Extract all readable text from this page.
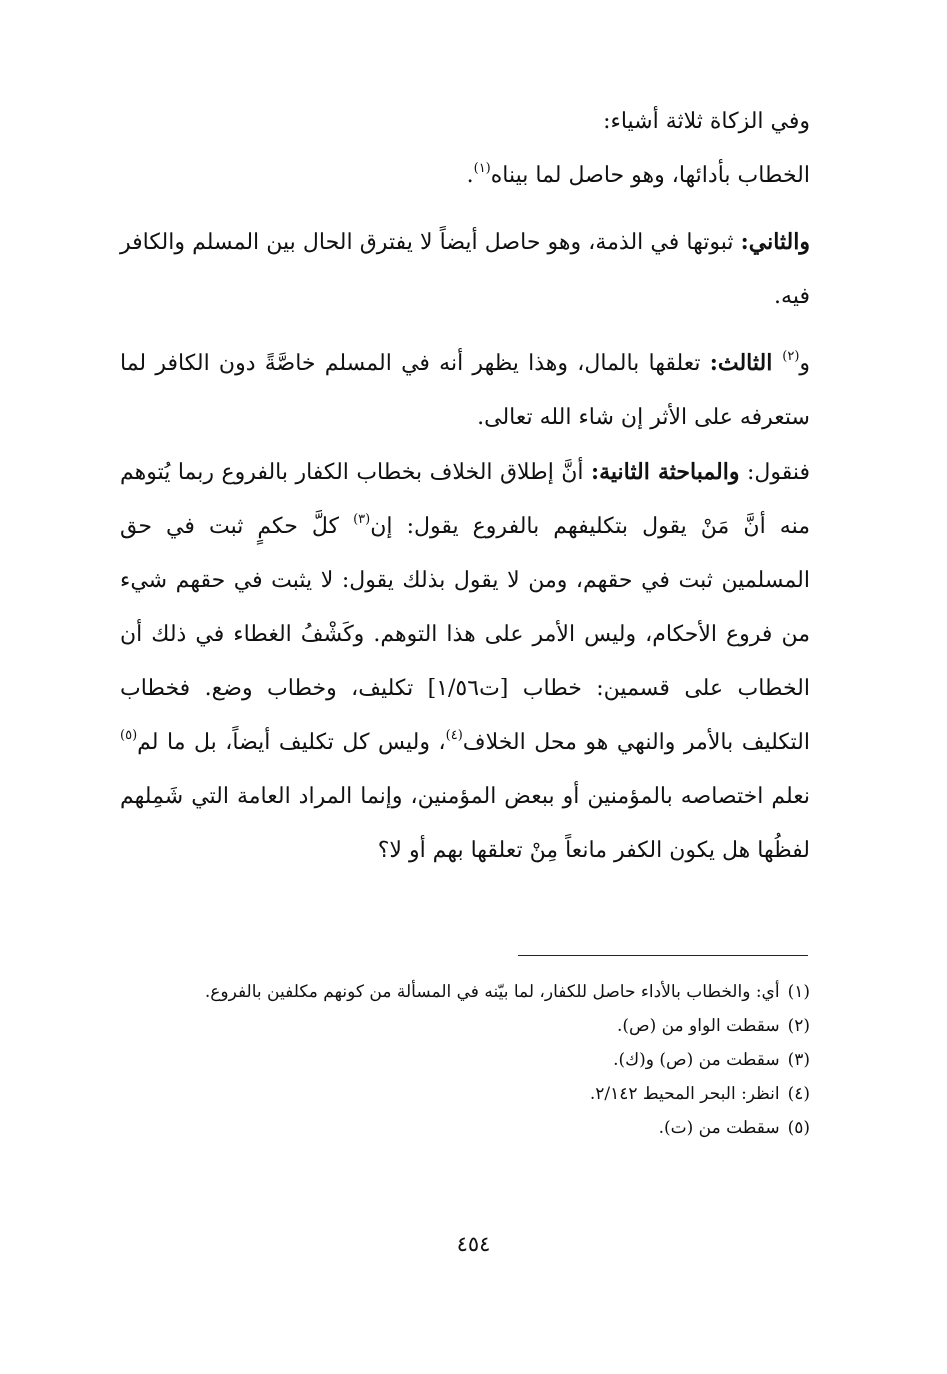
وفي الزكاة ثلاثة أشياء:

الخطاب بأدائها، وهو حاصل لما بيناه$^{(١)}$.

والثاني: ثبوتها في الذمة، وهو حاصل أيضاً لا يفترق الحال بين المسلم والكافر فيه.

و$^{(٢)}$ الثالث: تعلقها بالمال، وهذا يظهر أنه في المسلم خاصَّةً دون الكافر لما ستعرفه على الأثر إن شاء الله تعالى.

فنقول: والمباحثة الثانية: أنَّ إطلاق الخلاف بخطاب الكفار بالفروع ربما يُتوهم منه أنَّ مَنْ يقول بتكليفهم بالفروع يقول: إن$^{(٣)}$ كلَّ حكمٍ ثبت في حق المسلمين ثبت في حقهم، ومن لا يقول بذلك يقول: لا يثبت في حقهم شيء من فروع الأحكام، وليس الأمر على هذا التوهم. وكَشْفُ الغطاء في ذلك أن الخطاب على قسمين: خطاب [ت١/٥٦] تكليف، وخطاب وضع. فخطاب التكليف بالأمر والنهي هو محل الخلاف$^{(٤)}$، وليس كل تكليف أيضاً، بل ما لم$^{(٥)}$ نعلم اختصاصه بالمؤمنين أو ببعض المؤمنين، وإنما المراد العامة التي شَمِلهم لفظُها هل يكون الكفر مانعاً مِنْ تعلقها بهم أو لا؟

(١)أي: والخطاب بالأداء حاصل للكفار، لما بيّنه في المسألة من كونهم مكلفين بالفروع.

(٢)سقطت الواو من (ص).

(٣)سقطت من (ص) و(ك).

(٤)انظر: البحر المحيط ٢/١٤٢.

(٥)سقطت من (ت).

٤٥٤
